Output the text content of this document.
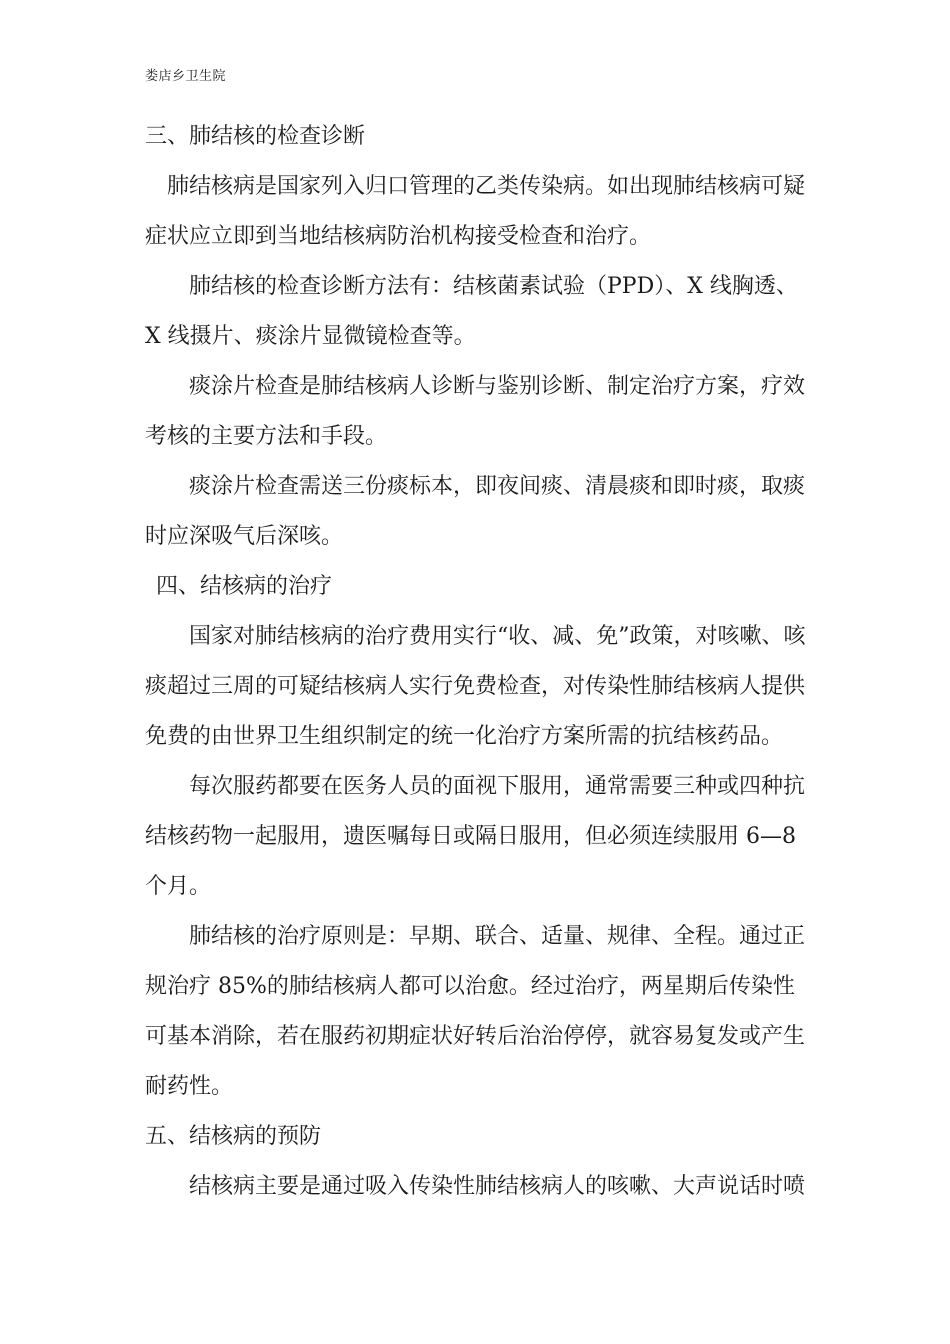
娄店乡卫生院

三、肺结核的检查诊断

肺结核病是国家列入归口管理的乙类传染病。如出现肺结核病可疑症状应立即到当地结核病防治机构接受检查和治疗。

肺结核的检查诊断方法有：结核菌素试验（PPD）、X 线胸透、X 线摄片、痰涂片显微镜检查等。

痰涂片检查是肺结核病人诊断与鉴别诊断、制定治疗方案，疗效考核的主要方法和手段。

痰涂片检查需送三份痰标本，即夜间痰、清晨痰和即时痰，取痰时应深吸气后深咳。

四、结核病的治疗

国家对肺结核病的治疗费用实行“收、减、免”政策，对咳嗽、咳痰超过三周的可疑结核病人实行免费检查，对传染性肺结核病人提供免费的由世界卫生组织制定的统一化治疗方案所需的抗结核药品。

每次服药都要在医务人员的面视下服用，通常需要三种或四种抗结核药物一起服用，遗医嘱每日或隔日服用，但必须连续服用 6—8 个月。

肺结核的治疗原则是：早期、联合、适量、规律、全程。通过正规治疗 85%的肺结核病人都可以治愈。经过治疗，两星期后传染性可基本消除，若在服药初期症状好转后治治停停，就容易复发或产生耐药性。

五、结核病的预防

结核病主要是通过吸入传染性肺结核病人的咳嗽、大声说话时喷
